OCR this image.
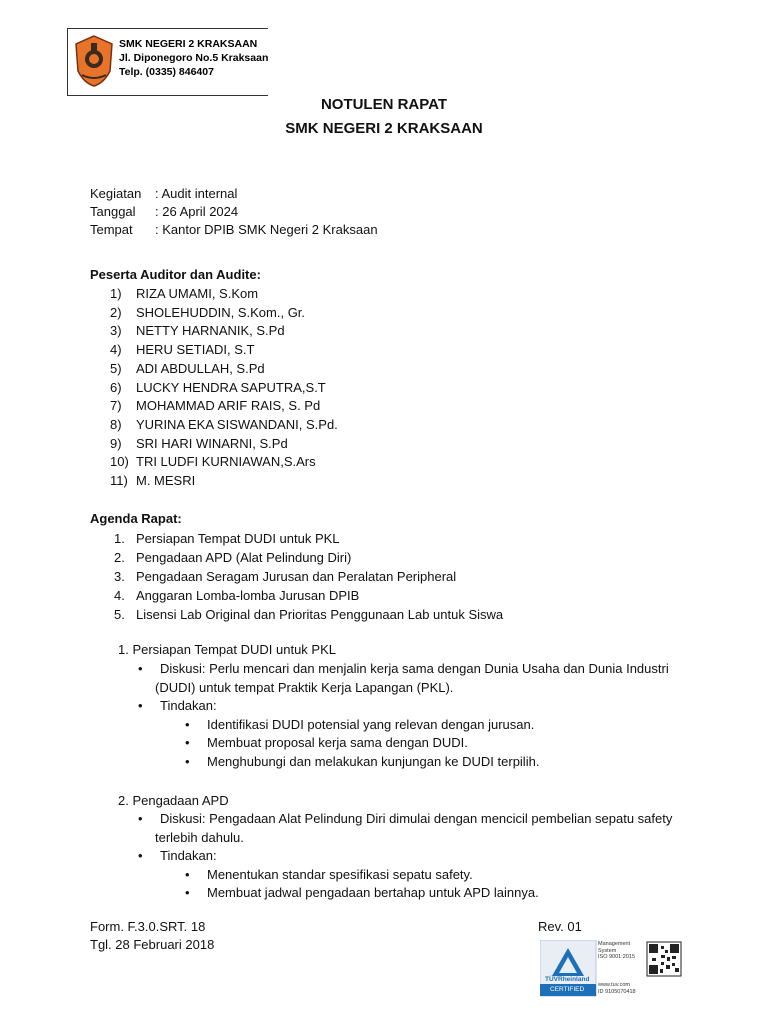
SMK NEGERI 2 KRAKSAAN
Jl. Diponegoro No.5 Kraksaan
Telp. (0335) 846407
NOTULEN RAPAT
SMK NEGERI 2 KRAKSAAN
Kegiatan : Audit internal
Tanggal : 26 April 2024
Tempat : Kantor DPIB SMK Negeri 2 Kraksaan
Peserta Auditor dan Audite:
1) RIZA UMAMI, S.Kom
2) SHOLEHUDDIN, S.Kom., Gr.
3) NETTY HARNANIK, S.Pd
4) HERU SETIADI, S.T
5) ADI ABDULLAH, S.Pd
6) LUCKY HENDRA SAPUTRA,S.T
7) MOHAMMAD ARIF RAIS, S. Pd
8) YURINA EKA SISWANDANI, S.Pd.
9) SRI HARI WINARNI, S.Pd
10) TRI LUDFI KURNIAWAN,S.Ars
11) M. MESRI
Agenda Rapat:
1. Persiapan Tempat DUDI untuk PKL
2. Pengadaan APD (Alat Pelindung Diri)
3. Pengadaan Seragam Jurusan dan Peralatan Peripheral
4. Anggaran Lomba-lomba Jurusan DPIB
5. Lisensi Lab Original dan Prioritas Penggunaan Lab untuk Siswa
1. Persiapan Tempat DUDI untuk PKL
• Diskusi: Perlu mencari dan menjalin kerja sama dengan Dunia Usaha dan Dunia Industri
(DUDI) untuk tempat Praktik Kerja Lapangan (PKL).
• Tindakan:
• Identifikasi DUDI potensial yang relevan dengan jurusan.
• Membuat proposal kerja sama dengan DUDI.
• Menghubungi dan melakukan kunjungan ke DUDI terpilih.
2. Pengadaan APD
• Diskusi: Pengadaan Alat Pelindung Diri dimulai dengan mencicil pembelian sepatu safety
terlebih dahulu.
• Tindakan:
• Menentukan standar spesifikasi sepatu safety.
• Membuat jadwal pengadaan bertahap untuk APD lainnya.
Form. F.3.0.SRT. 18
Tgl. 28 Februari 2018
Rev. 01
TÜVRheinland
CERTIFIED
Management
System
ISO 9001:2015
www.tuv.com
ID 9105070418
